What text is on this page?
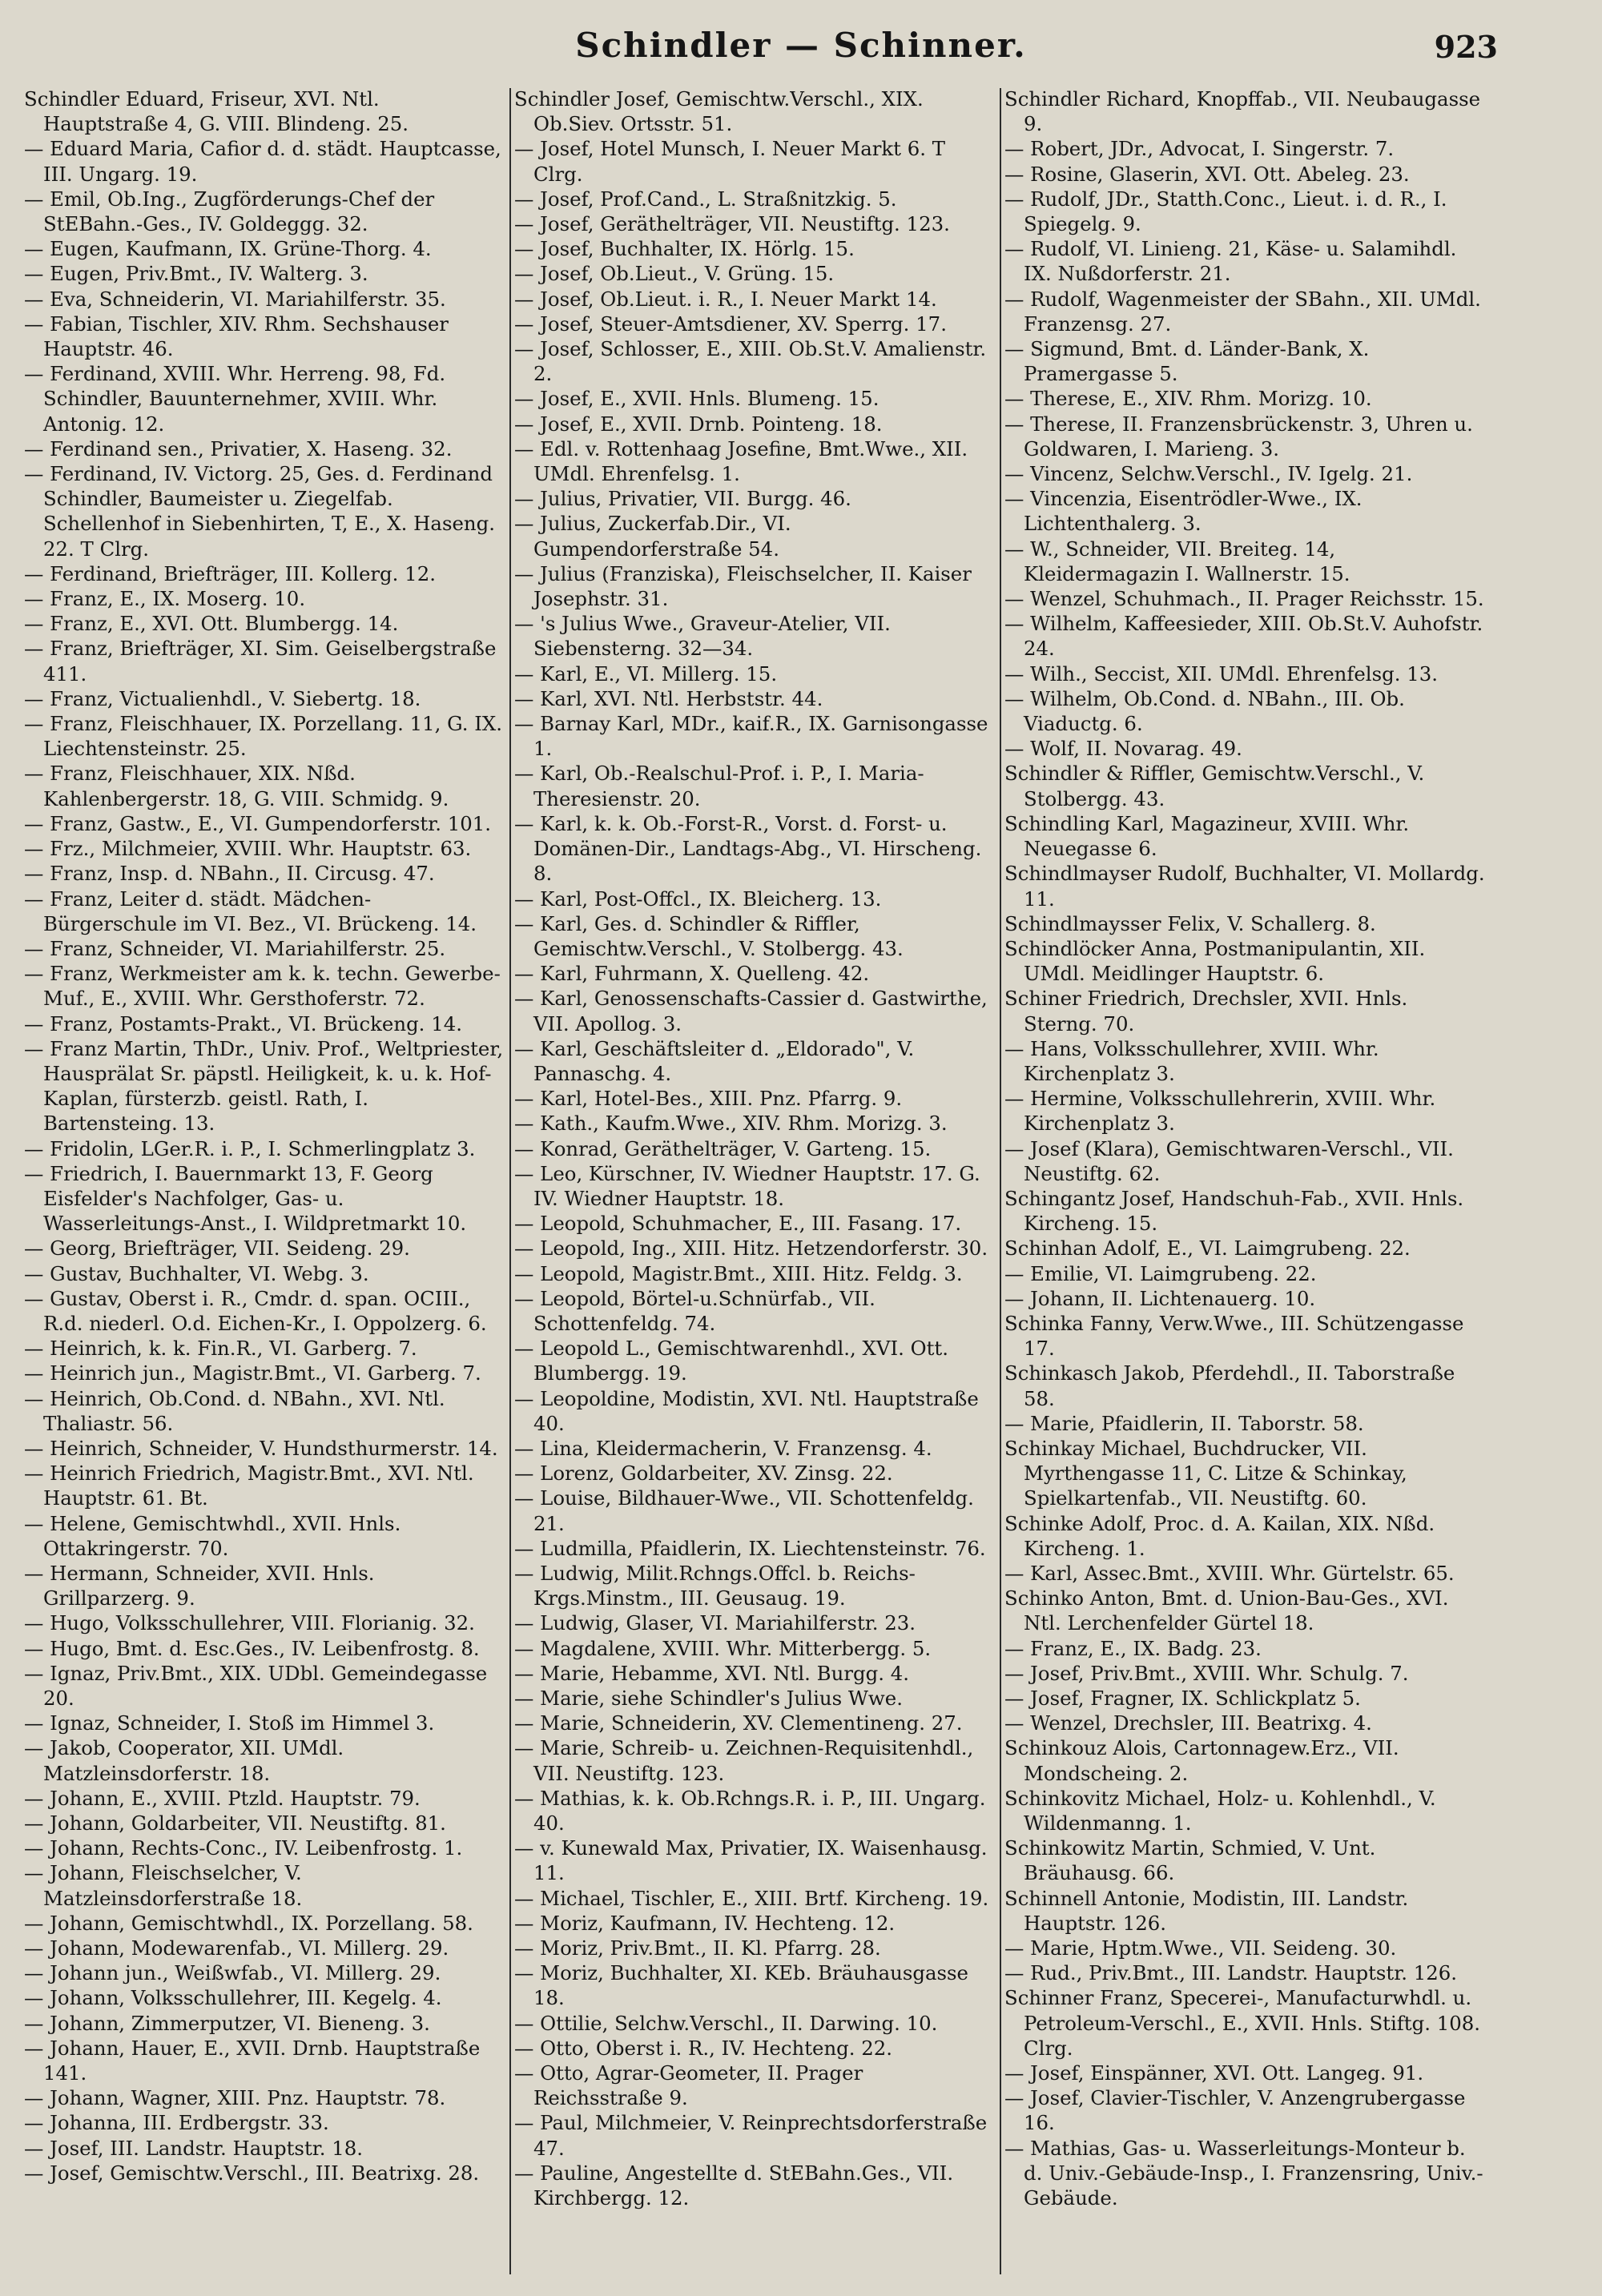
Schindler — Schinner.	923
Schindler Eduard, Friseur, XVI. Ntl. Hauptstraße 4, G. VIII. Blindeng. 25.
— Eduard Maria, Cafior d. d. städt. Hauptcasse, III. Ungarg. 19.
— Emil, Ob.Ing., Zugförderungs-Chef der StEBahn.-Ges., IV. Goldeggg. 32.
— Eugen, Kaufmann, IX. Grüne-Thorg. 4.
— Eugen, Priv.Bmt., IV. Walterg. 3.
— Eva, Schneiderin, VI. Mariahilferstr. 35.
— Fabian, Tischler, XIV. Rhm. Sechshauser Hauptstr. 46.
— Ferdinand, XVIII. Whr. Herreng. 98, Fd. Schindler, Bauunternehmer, XVIII. Whr. Antonig. 12.
— Ferdinand sen., Privatier, X. Haseng. 32.
— Ferdinand, IV. Victorg. 25, Ges. d. Ferdinand Schindler, Baumeister u. Ziegelfab. Schellenhof in Siebenhirten, T, E., X. Haseng. 22. T Clrg.
— Ferdinand, Briefträger, III. Kollerg. 12.
— Franz, E., IX. Moserg. 10.
— Franz, E., XVI. Ott. Blumbergg. 14.
— Franz, Briefträger, XI. Sim. Geiselbergstraße 411.
— Franz, Victualienhdl., V. Siebertg. 18.
— Franz, Fleischhauer, IX. Porzellang. 11, G. IX. Liechtensteinstr. 25.
— Franz, Fleischhauer, XIX. Nßd. Kahlenbergerstr. 18, G. VIII. Schmidg. 9.
— Franz, Gastw., E., VI. Gumpendorferstr. 101.
— Frz., Milchmeier, XVIII. Whr. Hauptstr. 63.
— Franz, Insp. d. NBahn., II. Circusg. 47.
— Franz, Leiter d. städt. Mädchen-Bürgerschule im VI. Bez., VI. Brückeng. 14.
— Franz, Schneider, VI. Mariahilferstr. 25.
— Franz, Werkmeister am k. k. techn. Gewerbe-Muf., E., XVIII. Whr. Gersthoferstr. 72.
— Franz, Postamts-Prakt., VI. Brückeng. 14.
— Franz Martin, ThDr., Univ. Prof., Weltpriester, Hausprälat Sr. päpstl. Heiligkeit, k. u. k. Hof-Kaplan, fürsterzb. geistl. Rath, I. Bartensteing. 13.
— Fridolin, LGer.R. i. P., I. Schmerlingplatz 3.
— Friedrich, I. Bauernmarkt 13, F. Georg Eisfelder's Nachfolger, Gas- u. Wasserleitungs-Anst., I. Wildpretmarkt 10.
— Georg, Briefträger, VII. Seideng. 29.
— Gustav, Buchhalter, VI. Webg. 3.
— Gustav, Oberst i. R., Cmdr. d. span. OCIII., R.d. niederl. O.d. Eichen-Kr., I. Oppolzerg. 6.
— Heinrich, k. k. Fin.R., VI. Garberg. 7.
— Heinrich jun., Magistr.Bmt., VI. Garberg. 7.
— Heinrich, Ob.Cond. d. NBahn., XVI. Ntl. Thaliastr. 56.
— Heinrich, Schneider, V. Hundsthurmerstr. 14.
— Heinrich Friedrich, Magistr.Bmt., XVI. Ntl. Hauptstr. 61. Bt.
— Helene, Gemischtwhdl., XVII. Hnls. Ottakringerstr. 70.
— Hermann, Schneider, XVII. Hnls. Grillparzerg. 9.
— Hugo, Volksschullehrer, VIII. Florianig. 32.
— Hugo, Bmt. d. Esc.Ges., IV. Leibenfrostg. 8.
— Ignaz, Priv.Bmt., XIX. UDbl. Gemeindegasse 20.
— Ignaz, Schneider, I. Stoß im Himmel 3.
— Jakob, Cooperator, XII. UMdl. Matzleinsdorferstr. 18.
— Johann, E., XVIII. Ptzld. Hauptstr. 79.
— Johann, Goldarbeiter, VII. Neustiftg. 81.
— Johann, Rechts-Conc., IV. Leibenfrostg. 1.
— Johann, Fleischselcher, V. Matzleinsdorferstraße 18.
— Johann, Gemischtwhdl., IX. Porzellang. 58.
— Johann, Modewarenfab., VI. Millerg. 29.
— Johann jun., Weißwfab., VI. Millerg. 29.
— Johann, Volksschullehrer, III. Kegelg. 4.
— Johann, Zimmerputzer, VI. Bieneng. 3.
— Johann, Hauer, E., XVII. Drnb. Hauptstraße 141.
— Johann, Wagner, XIII. Pnz. Hauptstr. 78.
— Johanna, III. Erdbergstr. 33.
— Josef, III. Landstr. Hauptstr. 18.
— Josef, Gemischtw.Verschl., III. Beatrixg. 28.
Schindler Josef, Gemischtw.Verschl., XIX. Ob.Siev. Ortsstr. 51.
— Josef, Hotel Munsch, I. Neuer Markt 6. T Clrg.
— Josef, Prof.Cand., L. Straßnitzkig. 5.
— Josef, Geräthelträger, VII. Neustiftg. 123.
— Josef, Buchhalter, IX. Hörlg. 15.
— Josef, Ob.Lieut., V. Grüng. 15.
— Josef, Ob.Lieut. i. R., I. Neuer Markt 14.
— Josef, Steuer-Amtsdiener, XV. Sperrg. 17.
— Josef, Schlosser, E., XIII. Ob.St.V. Amalienstr. 2.
— Josef, E., XVII. Hnls. Blumeng. 15.
— Josef, E., XVII. Drnb. Pointeng. 18.
— Edl. v. Rottenhaag Josefine, Bmt.Wwe., XII. UMdl. Ehrenfelsg. 1.
— Julius, Privatier, VII. Burgg. 46.
— Julius, Zuckerfab.Dir., VI. Gumpendorferstraße 54.
— Julius (Franziska), Fleischselcher, II. Kaiser Josephstr. 31.
— 's Julius Wwe., Graveur-Atelier, VII. Siebensterng. 32—34.
— Karl, E., VI. Millerg. 15.
— Karl, XVI. Ntl. Herbststr. 44.
— Barnay Karl, MDr., kaif.R., IX. Garnisongasse 1.
— Karl, Ob.-Realschul-Prof. i. P., I. Maria-Theresienstr. 20.
— Karl, k. k. Ob.-Forst-R., Vorst. d. Forst- u. Domänen-Dir., Landtags-Abg., VI. Hirscheng. 8.
— Karl, Post-Offcl., IX. Bleicherg. 13.
— Karl, Ges. d. Schindler & Riffler, Gemischtw.Verschl., V. Stolbergg. 43.
— Karl, Fuhrmann, X. Quelleng. 42.
— Karl, Genossenschafts-Cassier d. Gastwirthe, VII. Apollog. 3.
— Karl, Geschäftsleiter d. „Eldorado", V. Pannaschg. 4.
— Karl, Hotel-Bes., XIII. Pnz. Pfarrg. 9.
— Kath., Kaufm.Wwe., XIV. Rhm. Morizg. 3.
— Konrad, Geräthelträger, V. Garteng. 15.
— Leo, Kürschner, IV. Wiedner Hauptstr. 17. G. IV. Wiedner Hauptstr. 18.
— Leopold, Schuhmacher, E., III. Fasang. 17.
— Leopold, Ing., XIII. Hitz. Hetzendorferstr. 30.
— Leopold, Magistr.Bmt., XIII. Hitz. Feldg. 3.
— Leopold, Börtel-u.Schnürfab., VII. Schottenfeldg. 74.
— Leopold L., Gemischtwarenhdl., XVI. Ott. Blumbergg. 19.
— Leopoldine, Modistin, XVI. Ntl. Hauptstraße 40.
— Lina, Kleidermacherin, V. Franzensg. 4.
— Lorenz, Goldarbeiter, XV. Zinsg. 22.
— Louise, Bildhauer-Wwe., VII. Schottenfeldg. 21.
— Ludmilla, Pfaidlerin, IX. Liechtensteinstr. 76.
— Ludwig, Milit.Rchngs.Offcl. b. Reichs-Krgs.Minstm., III. Geusaug. 19.
— Ludwig, Glaser, VI. Mariahilferstr. 23.
— Magdalene, XVIII. Whr. Mitterbergg. 5.
— Marie, Hebamme, XVI. Ntl. Burgg. 4.
— Marie, siehe Schindler's Julius Wwe.
— Marie, Schneiderin, XV. Clementineng. 27.
— Marie, Schreib- u. Zeichnen-Requisitenhdl., VII. Neustiftg. 123.
— Mathias, k. k. Ob.Rchngs.R. i. P., III. Ungarg. 40.
— v. Kunewald Max, Privatier, IX. Waisenhausg. 11.
— Michael, Tischler, E., XIII. Brtf. Kircheng. 19.
— Moriz, Kaufmann, IV. Hechteng. 12.
— Moriz, Priv.Bmt., II. Kl. Pfarrg. 28.
— Moriz, Buchhalter, XI. KEb. Bräuhausgasse 18.
— Ottilie, Selchw.Verschl., II. Darwing. 10.
— Otto, Oberst i. R., IV. Hechteng. 22.
— Otto, Agrar-Geometer, II. Prager Reichsstraße 9.
— Paul, Milchmeier, V. Reinprechtsdorferstraße 47.
— Pauline, Angestellte d. StEBahn.Ges., VII. Kirchbergg. 12.
Schindler Richard, Knopffab., VII. Neubaugasse 9.
— Robert, JDr., Advocat, I. Singerstr. 7.
— Rosine, Glaserin, XVI. Ott. Abeleg. 23.
— Rudolf, JDr., Statth.Conc., Lieut. i. d. R., I. Spiegelg. 9.
— Rudolf, VI. Linieng. 21, Käse- u. Salamihdl. IX. Nußdorferstr. 21.
— Rudolf, Wagenmeister der SBahn., XII. UMdl. Franzensg. 27.
— Sigmund, Bmt. d. Länder-Bank, X. Pramergasse 5.
— Therese, E., XIV. Rhm. Morizg. 10.
— Therese, II. Franzensbrückenstr. 3, Uhren u. Goldwaren, I. Marieng. 3.
— Vincenz, Selchw.Verschl., IV. Igelg. 21.
— Vincenzia, Eisentrödler-Wwe., IX. Lichtenthalerg. 3.
— W., Schneider, VII. Breiteg. 14, Kleidermagazin I. Wallnerstr. 15.
— Wenzel, Schuhmach., II. Prager Reichsstr. 15.
— Wilhelm, Kaffeesieder, XIII. Ob.St.V. Auhofstr. 24.
— Wilh., Seccist, XII. UMdl. Ehrenfelsg. 13.
— Wilhelm, Ob.Cond. d. NBahn., III. Ob. Viaductg. 6.
— Wolf, II. Novarag. 49.
Schindler & Riffler, Gemischtw.Verschl., V. Stolbergg. 43.
Schindling Karl, Magazineur, XVIII. Whr. Neuegasse 6.
Schindlmayser Rudolf, Buchhalter, VI. Mollardg. 11.
Schindlmaysser Felix, V. Schallerg. 8.
Schindlöcker Anna, Postmanipulantin, XII. UMdl. Meidlinger Hauptstr. 6.
Schiner Friedrich, Drechsler, XVII. Hnls. Sterng. 70.
— Hans, Volksschullehrer, XVIII. Whr. Kirchenplatz 3.
— Hermine, Volksschullehrerin, XVIII. Whr. Kirchenplatz 3.
— Josef (Klara), Gemischtwaren-Verschl., VII. Neustiftg. 62.
Schingantz Josef, Handschuh-Fab., XVII. Hnls. Kircheng. 15.
Schinhan Adolf, E., VI. Laimgrubeng. 22.
— Emilie, VI. Laimgrubeng. 22.
— Johann, II. Lichtenauerg. 10.
Schinka Fanny, Verw.Wwe., III. Schützengasse 17.
Schinkasch Jakob, Pferdehdl., II. Taborstraße 58.
— Marie, Pfaidlerin, II. Taborstr. 58.
Schinkay Michael, Buchdrucker, VII. Myrthengasse 11, C. Litze & Schinkay, Spielkartenfab., VII. Neustiftg. 60.
Schinke Adolf, Proc. d. A. Kailan, XIX. Nßd. Kircheng. 1.
— Karl, Assec.Bmt., XVIII. Whr. Gürtelstr. 65.
Schinko Anton, Bmt. d. Union-Bau-Ges., XVI. Ntl. Lerchenfelder Gürtel 18.
— Franz, E., IX. Badg. 23.
— Josef, Priv.Bmt., XVIII. Whr. Schulg. 7.
— Josef, Fragner, IX. Schlickplatz 5.
— Wenzel, Drechsler, III. Beatrixg. 4.
Schinkouz Alois, Cartonnagew.Erz., VII. Mondscheing. 2.
Schinkovitz Michael, Holz- u. Kohlenhdl., V. Wildenmanng. 1.
Schinkowitz Martin, Schmied, V. Unt. Bräuhausg. 66.
Schinnell Antonie, Modistin, III. Landstr. Hauptstr. 126.
— Marie, Hptm.Wwe., VII. Seideng. 30.
— Rud., Priv.Bmt., III. Landstr. Hauptstr. 126.
Schinner Franz, Specerei-, Manufacturwhdl. u. Petroleum-Verschl., E., XVII. Hnls. Stiftg. 108. Clrg.
— Josef, Einspänner, XVI. Ott. Langeg. 91.
— Josef, Clavier-Tischler, V. Anzengrubergasse 16.
— Mathias, Gas- u. Wasserleitungs-Monteur b. d. Univ.-Gebäude-Insp., I. Franzensring, Univ.-Gebäude.
